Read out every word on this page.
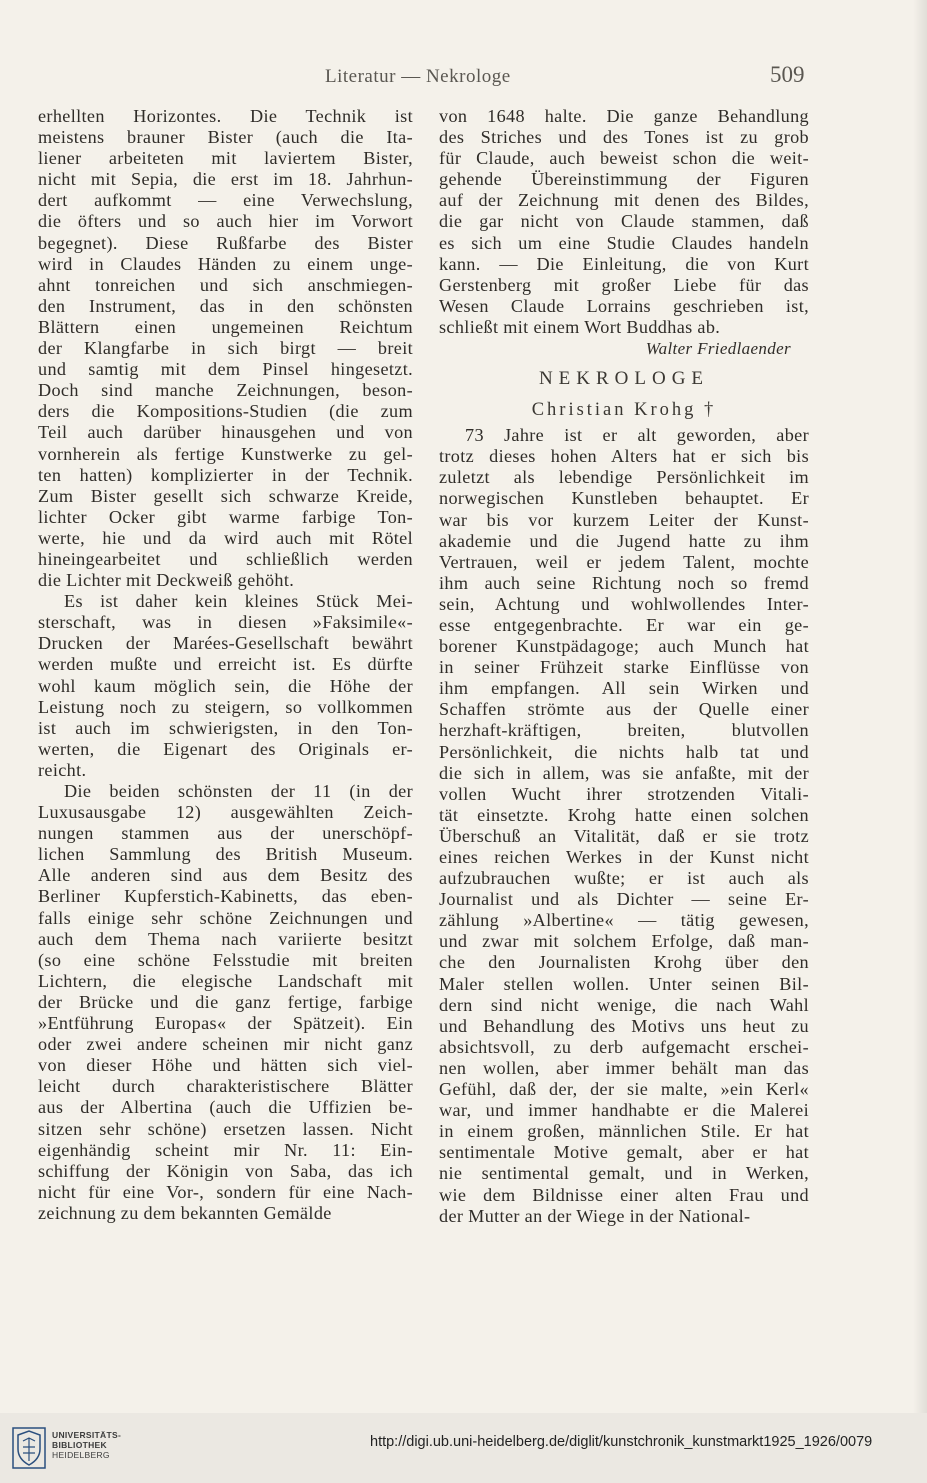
Literatur — Nekrologe	509
erhellten Horizontes. Die Technik ist
meistens brauner Bister (auch die Ita-
liener arbeiteten mit laviertem Bister,
nicht mit Sepia, die erst im 18. Jahrhun-
dert aufkommt — eine Verwechslung,
die öfters und so auch hier im Vorwort
begegnet). Diese Rußfarbe des Bister
wird in Claudes Händen zu einem unge-
ahnt tonreichen und sich anschmiegen-
den Instrument, das in den schönsten
Blättern einen ungemeinen Reichtum
der Klangfarbe in sich birgt — breit
und samtig mit dem Pinsel hingesetzt.
Doch sind manche Zeichnungen, beson-
ders die Kompositions-Studien (die zum
Teil auch darüber hinausgehen und von
vornherein als fertige Kunstwerke zu gel-
ten hatten) komplizierter in der Technik.
Zum Bister gesellt sich schwarze Kreide,
lichter Ocker gibt warme farbige Ton-
werte, hie und da wird auch mit Rötel
hineingearbeitet und schließlich werden
die Lichter mit Deckweiß gehöht.
Es ist daher kein kleines Stück Mei-
sterschaft, was in diesen »Faksimile«-
Drucken der Marées-Gesellschaft bewährt
werden mußte und erreicht ist. Es dürfte
wohl kaum möglich sein, die Höhe der
Leistung noch zu steigern, so vollkommen
ist auch im schwierigsten, in den Ton-
werten, die Eigenart des Originals er-
reicht.
Die beiden schönsten der 11 (in der
Luxusausgabe 12) ausgewählten Zeich-
nungen stammen aus der unerschöpf-
lichen Sammlung des British Museum.
Alle anderen sind aus dem Besitz des
Berliner Kupferstich-Kabinetts, das eben-
falls einige sehr schöne Zeichnungen und
auch dem Thema nach variierte besitzt
(so eine schöne Felsstudie mit breiten
Lichtern, die elegische Landschaft mit
der Brücke und die ganz fertige, farbige
»Entführung Europas« der Spätzeit). Ein
oder zwei andere scheinen mir nicht ganz
von dieser Höhe und hätten sich viel-
leicht durch charakteristischere Blätter
aus der Albertina (auch die Uffizien be-
sitzen sehr schöne) ersetzen lassen. Nicht
eigenhändig scheint mir Nr. 11: Ein-
schiffung der Königin von Saba, das ich
nicht für eine Vor-, sondern für eine Nach-
zeichnung zu dem bekannten Gemälde
von 1648 halte. Die ganze Behandlung
des Striches und des Tones ist zu grob
für Claude, auch beweist schon die weit-
gehende Übereinstimmung der Figuren
auf der Zeichnung mit denen des Bildes,
die gar nicht von Claude stammen, daß
es sich um eine Studie Claudes handeln
kann. — Die Einleitung, die von Kurt
Gerstenberg mit großer Liebe für das
Wesen Claude Lorrains geschrieben ist,
schließt mit einem Wort Buddhas ab.
Walter Friedlaender
NEKROLOGE
Christian Krohg †
73 Jahre ist er alt geworden, aber
trotz dieses hohen Alters hat er sich bis
zuletzt als lebendige Persönlichkeit im
norwegischen Kunstleben behauptet. Er
war bis vor kurzem Leiter der Kunst-
akademie und die Jugend hatte zu ihm
Vertrauen, weil er jedem Talent, mochte
ihm auch seine Richtung noch so fremd
sein, Achtung und wohlwollendes Inter-
esse entgegenbrachte. Er war ein ge-
borener Kunstpädagoge; auch Munch hat
in seiner Frühzeit starke Einflüsse von
ihm empfangen. All sein Wirken und
Schaffen strömte aus der Quelle einer
herzhaft-kräftigen, breiten, blutvollen
Persönlichkeit, die nichts halb tat und
die sich in allem, was sie anfaßte, mit der
vollen Wucht ihrer strotzenden Vitali-
tät einsetzte. Krohg hatte einen solchen
Überschuß an Vitalität, daß er sie trotz
eines reichen Werkes in der Kunst nicht
aufzubrauchen wußte; er ist auch als
Journalist und als Dichter — seine Er-
zählung »Albertine« — tätig gewesen,
und zwar mit solchem Erfolge, daß man-
che den Journalisten Krohg über den
Maler stellen wollen. Unter seinen Bil-
dern sind nicht wenige, die nach Wahl
und Behandlung des Motivs uns heut zu
absichtsvoll, zu derb aufgemacht erschei-
nen wollen, aber immer behält man das
Gefühl, daß der, der sie malte, »ein Kerl«
war, und immer handhabte er die Malerei
in einem großen, männlichen Stile. Er hat
sentimentale Motive gemalt, aber er hat
nie sentimental gemalt, und in Werken,
wie dem Bildnisse einer alten Frau und
der Mutter an der Wiege in der National-
UNIVERSITÄTS-
BIBLIOTHEK
HEIDELBERG
http://digi.ub.uni-heidelberg.de/diglit/kunstchronik_kunstmarkt1925_1926/0079
